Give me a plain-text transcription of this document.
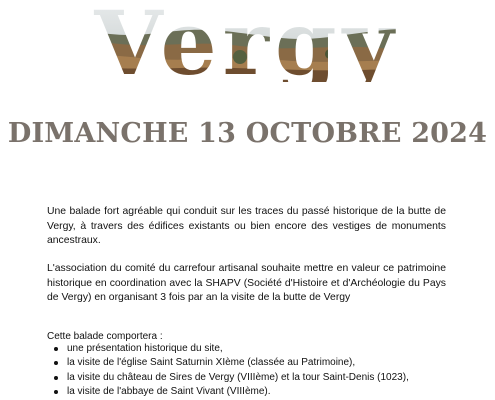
DIMANCHE 13 OCTOBRE 2024
Une balade fort agréable qui conduit sur les traces du passé historique de la butte de Vergy, à travers des édifices existants ou bien encore des vestiges de monuments ancestraux.
L'association du comité du carrefour artisanal souhaite mettre en valeur ce patrimoine historique en coordination avec la SHAPV (Société d'Histoire et d'Archéologie du Pays de Vergy) en organisant 3 fois par an la visite de la butte de Vergy
Cette balade comportera :
une présentation historique du site,
la visite de l'église Saint Saturnin XIème (classée au Patrimoine),
la visite du château de Sires de Vergy (VIIIème) et la tour Saint-Denis (1023),
la visite de l'abbaye de Saint Vivant (VIIIème).
